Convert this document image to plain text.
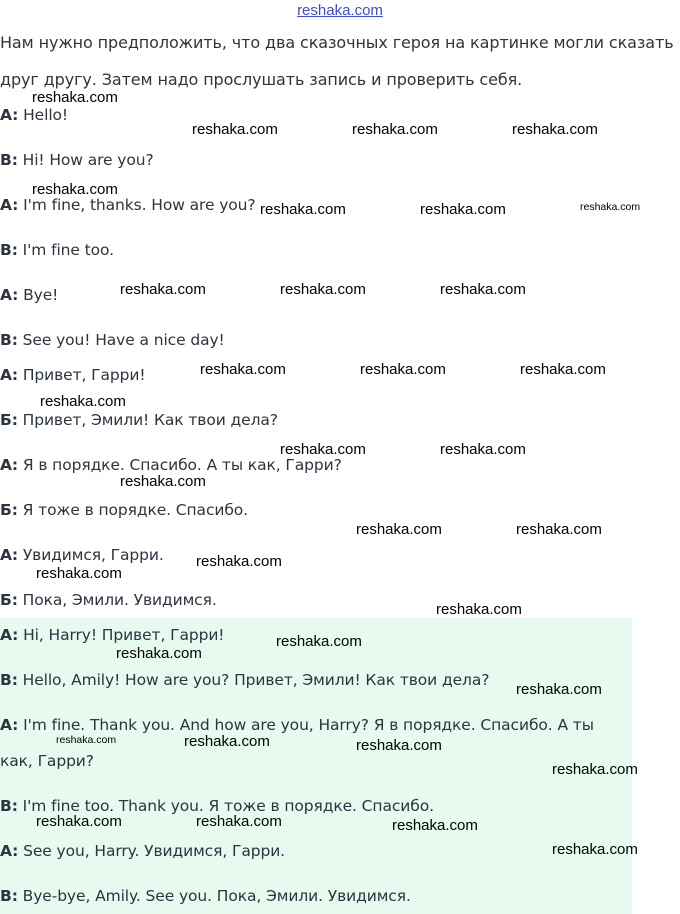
reshaka.com
Нам нужно предположить, что два сказочных героя на картинке могли сказать
друг другу. Затем надо прослушать запись и проверить себя.
A: Hello!
B: Hi! How are you?
A: I'm fine, thanks. How are you?
B: I'm fine too.
A: Bye!
B: See you! Have a nice day!
А: Привет, Гарри!
Б: Привет, Эмили! Как твои дела?
А: Я в порядке. Спасибо. А ты как, Гарри?
Б: Я тоже в порядке. Спасибо.
А: Увидимся, Гарри.
Б: Пока, Эмили. Увидимся.
A: Hi, Harry! Привет, Гарри!
B: Hello, Amily! How are you? Привет, Эмили! Как твои дела?
A: I'm fine. Thank you. And how are you, Harry? Я в порядке. Спасибо. А ты
как, Гарри?
B: I'm fine too. Thank you. Я тоже в порядке. Спасибо.
A: See you, Harry. Увидимся, Гарри.
B: Bye-bye, Amily. See you. Пока, Эмили. Увидимся.
reshaka.com
reshaka.com	reshaka.com	reshaka.com
reshaka.com
reshaka.com	reshaka.com	reshaka.com
reshaka.com	reshaka.com	reshaka.com
reshaka.com	reshaka.com	reshaka.com
reshaka.com
reshaka.com	reshaka.com
reshaka.com
reshaka.com	reshaka.com
reshaka.com
reshaka.com
reshaka.com
reshaka.com
reshaka.com
reshaka.com
reshaka.com	reshaka.com	reshaka.com
reshaka.com
reshaka.com	reshaka.com	reshaka.com
reshaka.com
